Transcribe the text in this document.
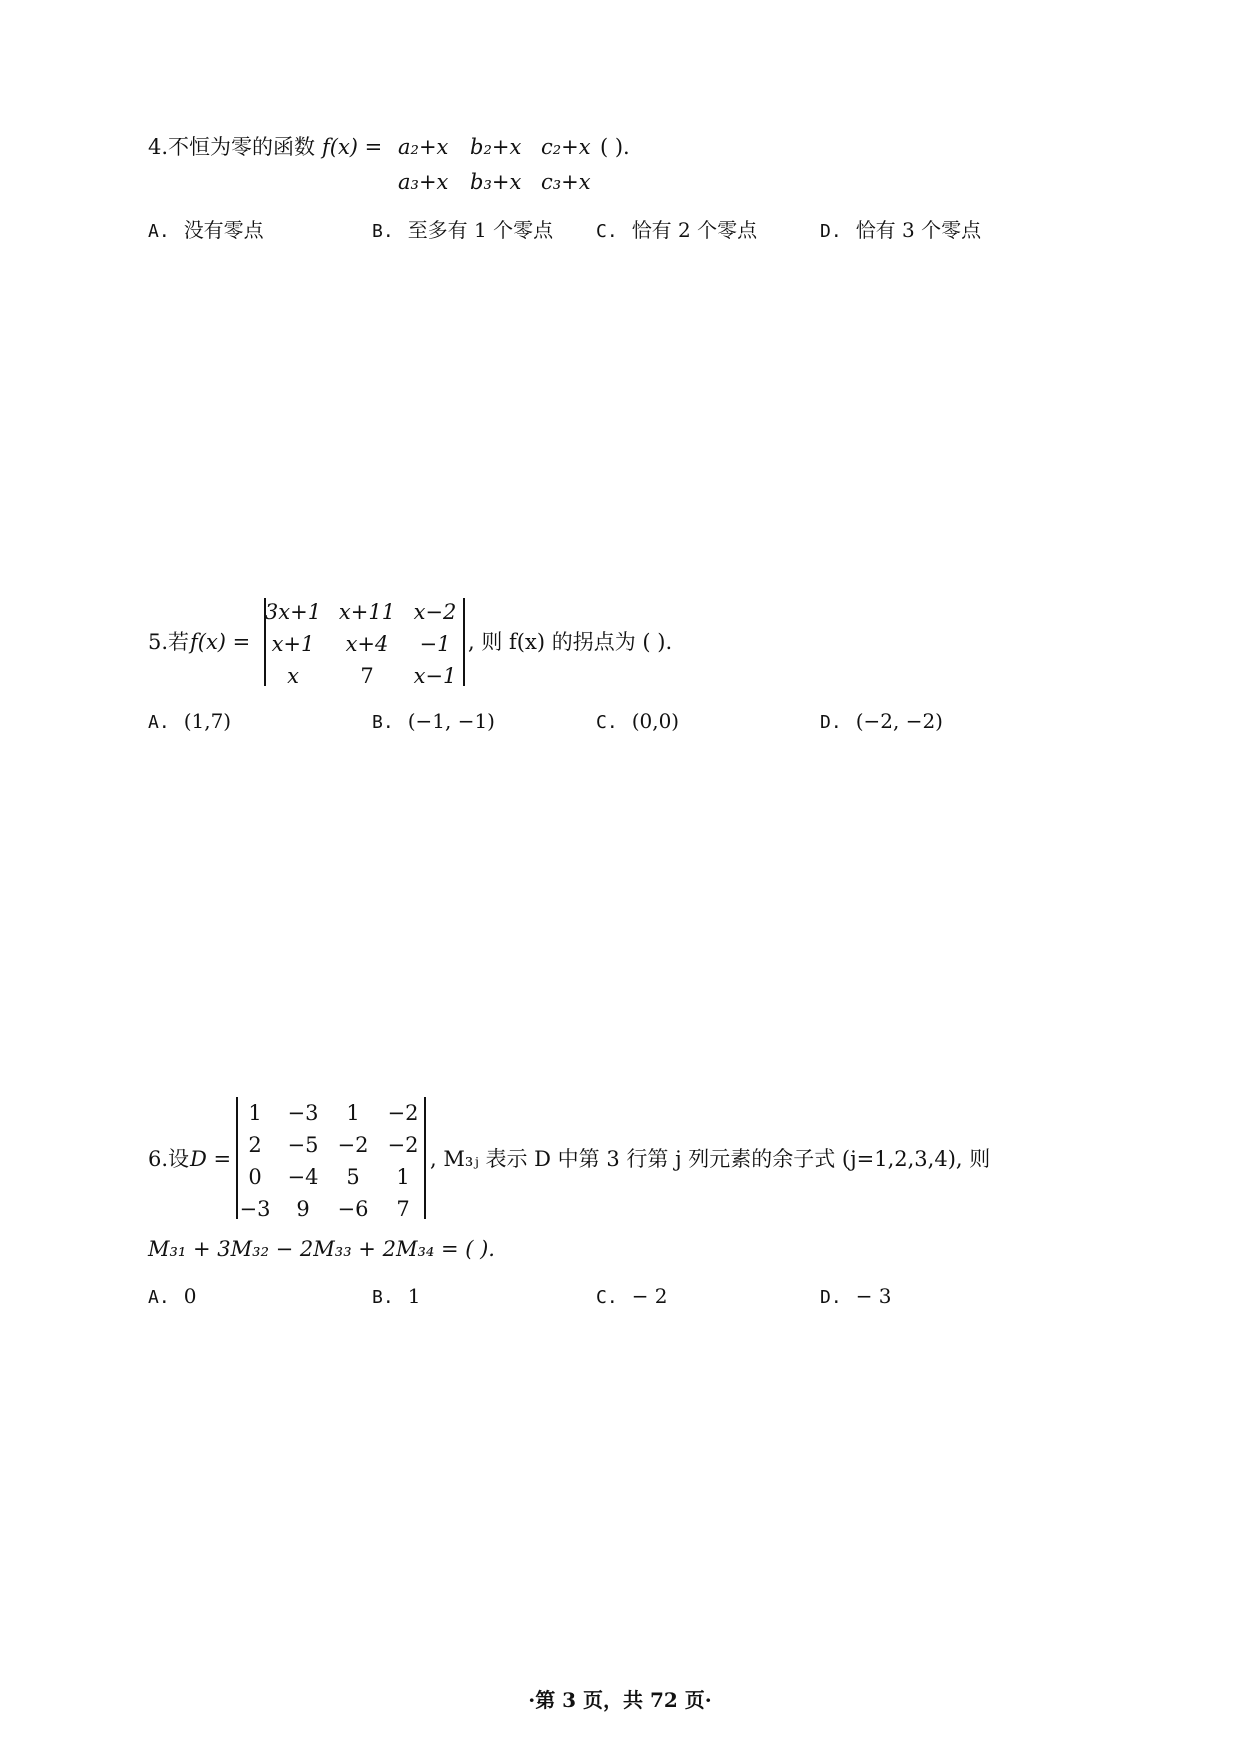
4.不恒为零的函数 f(x) = a₂+x b₂+x c₂+x ( ).
a₃+x b₃+x c₃+x
A. 没有零点	B. 至多有 1 个零点 C. 恰有 2 个零点	D. 恰有 3 个零点
5.若 f(x) =
3x+1 x+11 x−2
x+1	x+4	−1
x	7	x−1
, 则 f(x) 的拐点为 ( ).
A. (1,7)	B. (−1, −1)	C. (0,0)	D. (−2, −2)
6.设 D =
1	−3	1	−2
2	−5 −2 −2
0	−4	5	1
−3	9	−6	7
, M₃ⱼ 表示 D 中第 3 行第 j 列元素的余子式 (j=1,2,3,4), 则
M₃₁ + 3M₃₂ − 2M₃₃ + 2M₃₄ = ( ).
A. 0	B. 1	C. − 2	D. − 3
·第 3 页，共 72 页·
